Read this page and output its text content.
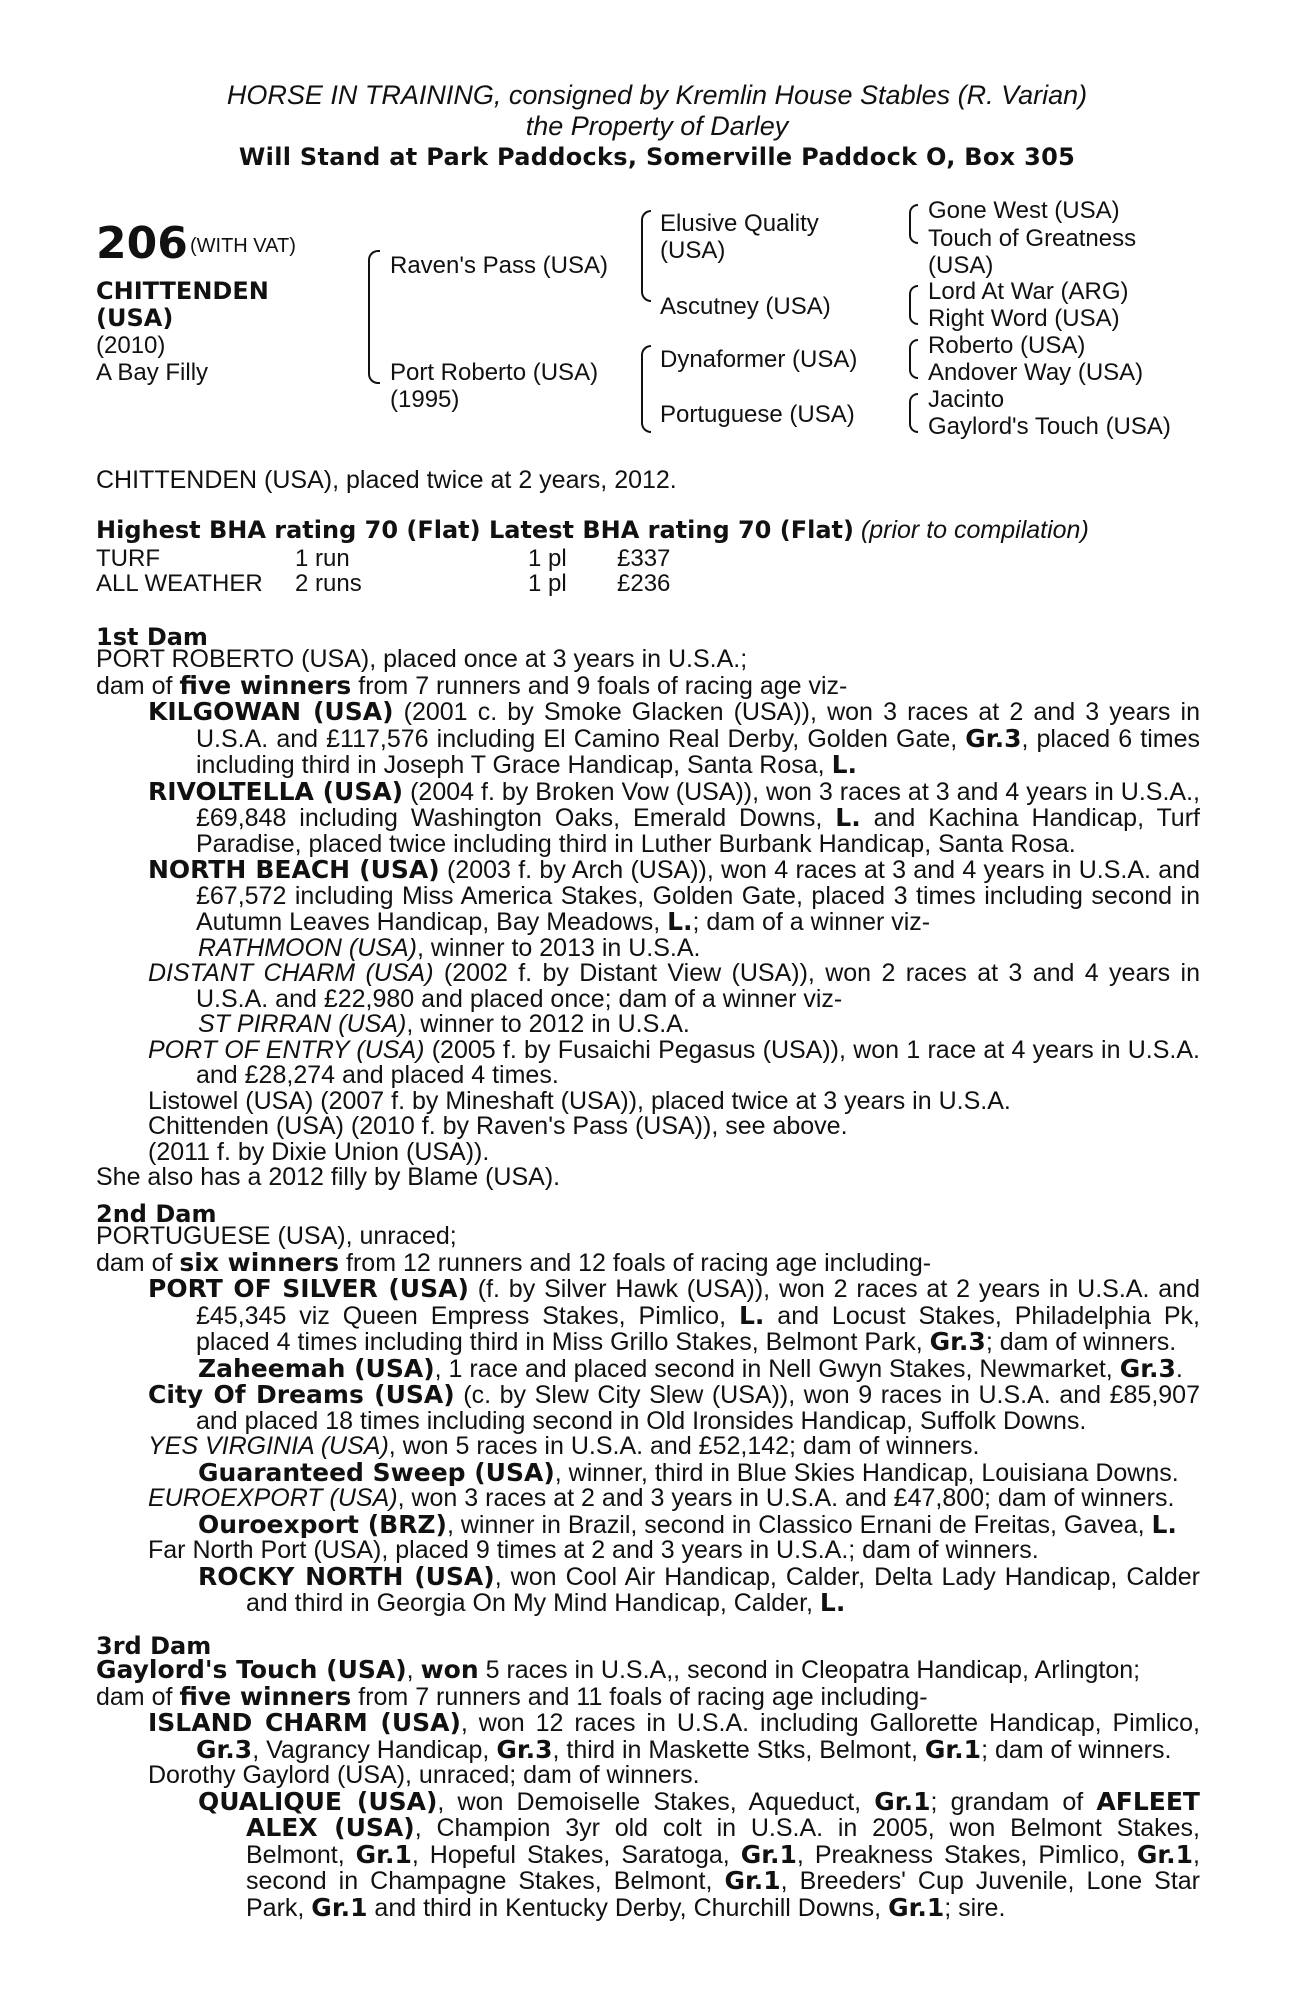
HORSE IN TRAINING, consigned by Kremlin House Stables (R. Varian)
the Property of Darley
Will Stand at Park Paddocks, Somerville Paddock O, Box 305
206 (WITH VAT)
CHITTENDEN
(USA)
(2010)
A Bay Filly
Raven's Pass (USA)
Port Roberto (USA)
(1995)
Elusive Quality
(USA)
Ascutney (USA)
Dynaformer (USA)
Portuguese (USA)
Gone West (USA)
Touch of Greatness
(USA)
Lord At War (ARG)
Right Word (USA)
Roberto (USA)
Andover Way (USA)
Jacinto
Gaylord's Touch (USA)
CHITTENDEN (USA), placed twice at 2 years, 2012.
Highest BHA rating 70 (Flat) Latest BHA rating 70 (Flat) (prior to compilation)
TURF	1 run	1 pl £337
ALL WEATHER 2 runs	1 pl £236
1st Dam
PORT ROBERTO (USA), placed once at 3 years in U.S.A.;
dam of five winners from 7 runners and 9 foals of racing age viz-
KILGOWAN (USA) (2001 c. by Smoke Glacken (USA)), won 3 races at 2 and 3 years in U.S.A. and £117,576 including El Camino Real Derby, Golden Gate, Gr.3, placed 6 times including third in Joseph T Grace Handicap, Santa Rosa, L.
RIVOLTELLA (USA) (2004 f. by Broken Vow (USA)), won 3 races at 3 and 4 years in U.S.A., £69,848 including Washington Oaks, Emerald Downs, L. and Kachina Handicap, Turf Paradise, placed twice including third in Luther Burbank Handicap, Santa Rosa.
NORTH BEACH (USA) (2003 f. by Arch (USA)), won 4 races at 3 and 4 years in U.S.A. and £67,572 including Miss America Stakes, Golden Gate, placed 3 times including second in Autumn Leaves Handicap, Bay Meadows, L.; dam of a winner viz-
RATHMOON (USA), winner to 2013 in U.S.A.
DISTANT CHARM (USA) (2002 f. by Distant View (USA)), won 2 races at 3 and 4 years in U.S.A. and £22,980 and placed once; dam of a winner viz-
ST PIRRAN (USA), winner to 2012 in U.S.A.
PORT OF ENTRY (USA) (2005 f. by Fusaichi Pegasus (USA)), won 1 race at 4 years in U.S.A. and £28,274 and placed 4 times.
Listowel (USA) (2007 f. by Mineshaft (USA)), placed twice at 3 years in U.S.A.
Chittenden (USA) (2010 f. by Raven's Pass (USA)), see above.
(2011 f. by Dixie Union (USA)).
She also has a 2012 filly by Blame (USA).
2nd Dam
PORTUGUESE (USA), unraced;
dam of six winners from 12 runners and 12 foals of racing age including-
PORT OF SILVER (USA) (f. by Silver Hawk (USA)), won 2 races at 2 years in U.S.A. and £45,345 viz Queen Empress Stakes, Pimlico, L. and Locust Stakes, Philadelphia Pk, placed 4 times including third in Miss Grillo Stakes, Belmont Park, Gr.3; dam of winners.
Zaheemah (USA), 1 race and placed second in Nell Gwyn Stakes, Newmarket, Gr.3.
City Of Dreams (USA) (c. by Slew City Slew (USA)), won 9 races in U.S.A. and £85,907 and placed 18 times including second in Old Ironsides Handicap, Suffolk Downs.
YES VIRGINIA (USA), won 5 races in U.S.A. and £52,142; dam of winners.
Guaranteed Sweep (USA), winner, third in Blue Skies Handicap, Louisiana Downs.
EUROEXPORT (USA), won 3 races at 2 and 3 years in U.S.A. and £47,800; dam of winners.
Ouroexport (BRZ), winner in Brazil, second in Classico Ernani de Freitas, Gavea, L.
Far North Port (USA), placed 9 times at 2 and 3 years in U.S.A.; dam of winners.
ROCKY NORTH (USA), won Cool Air Handicap, Calder, Delta Lady Handicap, Calder and third in Georgia On My Mind Handicap, Calder, L.
3rd Dam
Gaylord's Touch (USA), won 5 races in U.S.A,, second in Cleopatra Handicap, Arlington;
dam of five winners from 7 runners and 11 foals of racing age including-
ISLAND CHARM (USA), won 12 races in U.S.A. including Gallorette Handicap, Pimlico, Gr.3, Vagrancy Handicap, Gr.3, third in Maskette Stks, Belmont, Gr.1; dam of winners.
Dorothy Gaylord (USA), unraced; dam of winners.
QUALIQUE (USA), won Demoiselle Stakes, Aqueduct, Gr.1; grandam of AFLEET ALEX (USA), Champion 3yr old colt in U.S.A. in 2005, won Belmont Stakes, Belmont, Gr.1, Hopeful Stakes, Saratoga, Gr.1, Preakness Stakes, Pimlico, Gr.1, second in Champagne Stakes, Belmont, Gr.1, Breeders' Cup Juvenile, Lone Star Park, Gr.1 and third in Kentucky Derby, Churchill Downs, Gr.1; sire.
